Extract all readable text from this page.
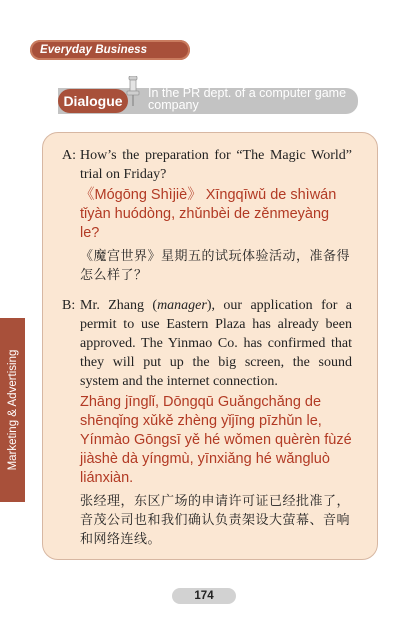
Everyday Business Chinese
Dialogue	In the PR dept. of a computer game company
A: How’s the preparation for “The Magic World” trial on Friday?
《Mógōng Shìjiè》 Xīngqīwǔ de shìwán tǐyàn huódòng, zhǔnbèi de zěnmeyàng le?
《魔宫世界》星期五的试玩体验活动，准备得怎么样了？
B: Mr. Zhang (manager), our application for a permit to use Eastern Plaza has already been approved. The Yinmao Co. has confirmed that they will put up the big screen, the sound system and the internet connection.
Zhāng jīnglǐ, Dōngqū Guǎngchǎng de shēnqǐng xǔkě zhèng yǐjīng pīzhǔn le, Yínmào Gōngsī yě hé wǒmen quèrèn fùzé jiàshè dà yíngmù, yīnxiǎng hé wǎngluò liánxiàn.
张经理，东区广场的申请许可证已经批准了，音茂公司也和我们确认负责架设大萤幕、音响和网络连线。
Marketing & Advertising
174
